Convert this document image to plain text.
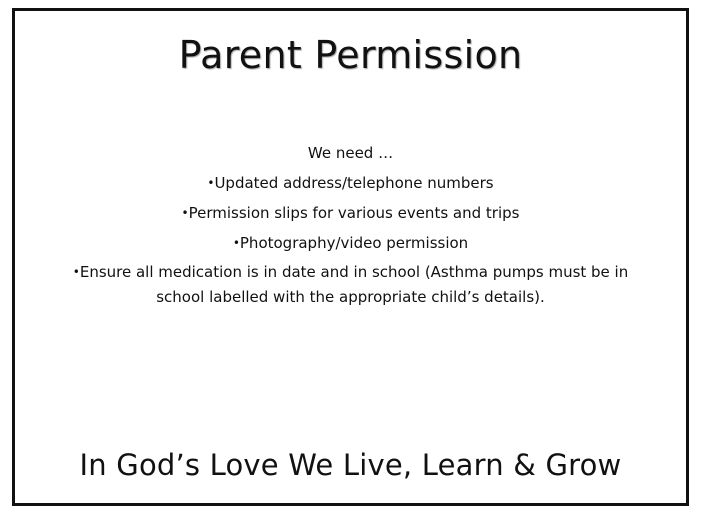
Parent Permission
We need …
•Updated address/telephone numbers
•Permission slips for various events and trips
•Photography/video permission
•Ensure all medication is in date and in school (Asthma pumps must be in school labelled with the appropriate child’s details).

In God’s Love We Live, Learn & Grow
